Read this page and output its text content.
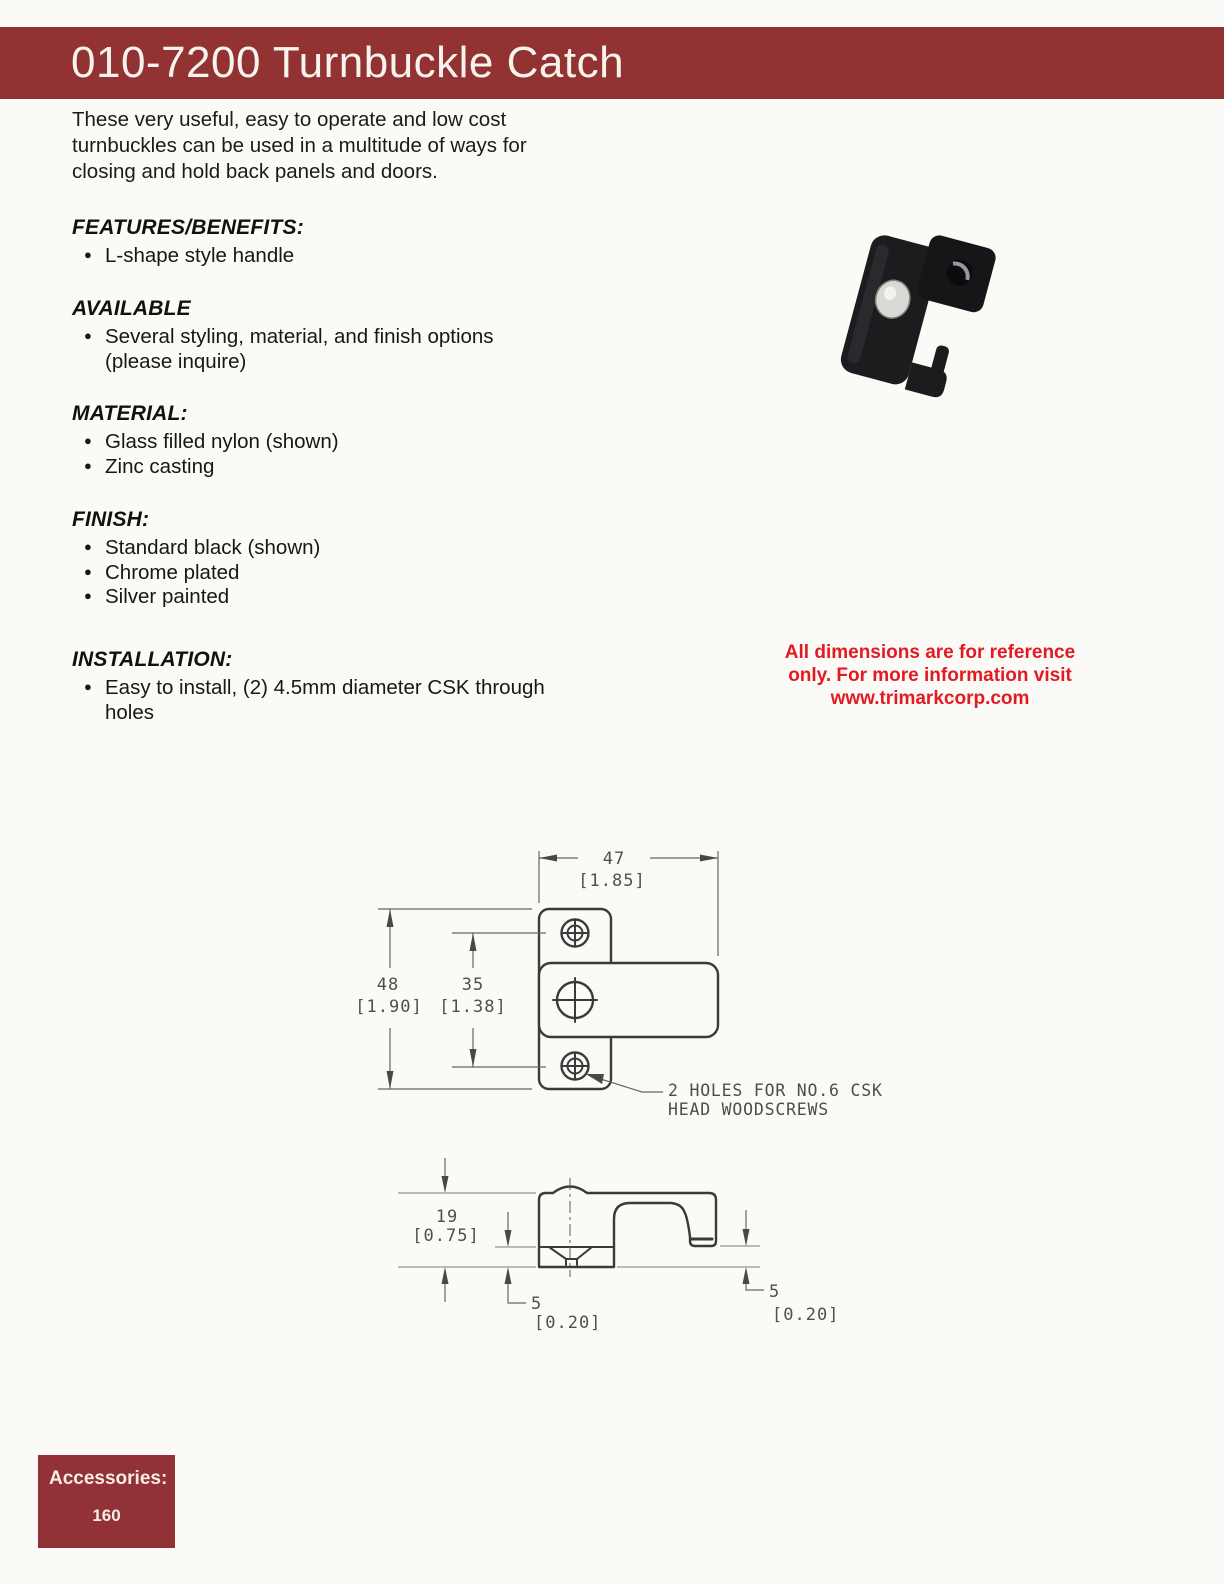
010-7200 Turnbuckle Catch
These very useful, easy to operate and low cost
turnbuckles can be used in a multitude of ways for
closing and hold back panels and doors.
FEATURES/BENEFITS:
● L-shape style handle
AVAILABLE
● Several styling, material, and finish options
(please inquire)
MATERIAL:
● Glass filled nylon (shown)
● Zinc casting
FINISH:
● Standard black (shown)
● Chrome plated
● Silver painted
INSTALLATION:
● Easy to install, (2) 4.5mm diameter CSK through
holes
All dimensions are for reference
only. For more information visit
www.trimarkcorp.com
47
[1.85]
48
[1.90]
35
[1.38]
2 HOLES FOR NO.6 CSK
HEAD WOODSCREWS
19
[0.75]
5
[0.20]
5
[0.20]
Accessories:
160
